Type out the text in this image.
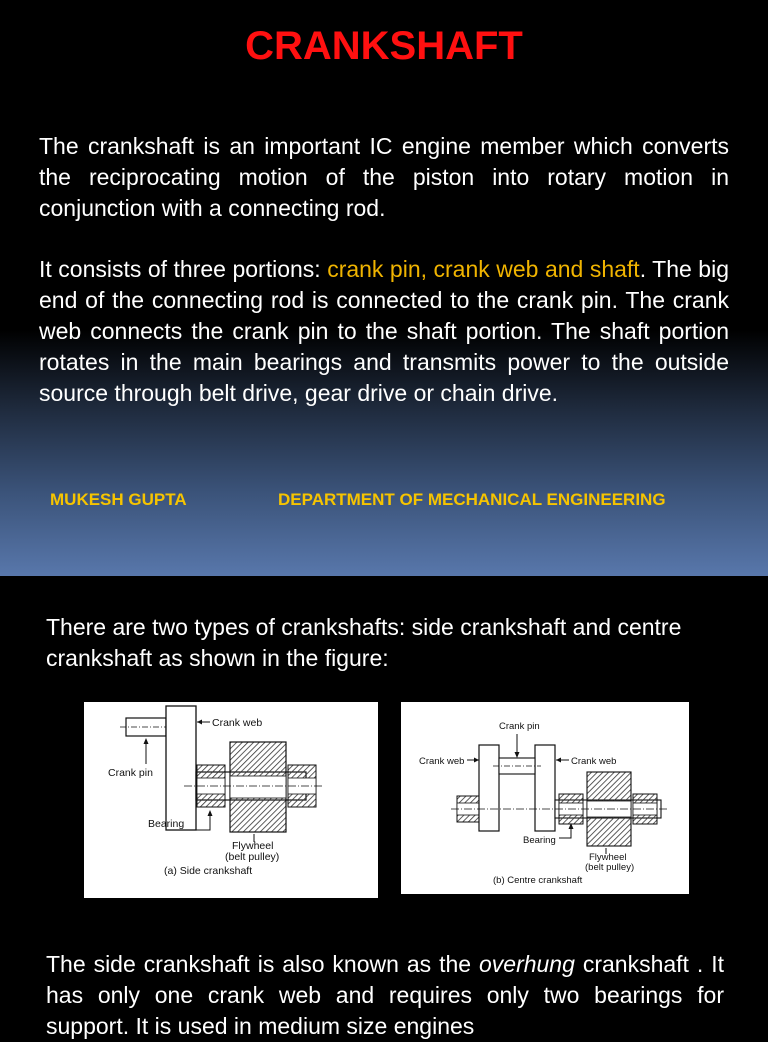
CRANKSHAFT

The crankshaft is an important IC engine member which converts the reciprocating motion of the piston into rotary motion in conjunction with a connecting rod.

It consists of three portions: crank pin, crank web and shaft. The big end of the connecting rod is connected to the crank pin. The crank web connects the crank pin to the shaft portion. The shaft portion rotates in the main bearings and transmits power to the outside source through belt drive, gear drive or chain drive.

MUKESH GUPTA	DEPARTMENT OF MECHANICAL ENGINEERING

There are two types of crankshafts: side crankshaft and centre crankshaft as shown in the figure:

Crank web
Crank pin
Bearing
Flywheel
(belt pulley)
(a) Side crankshaft
Crank pin
Crank web	Crank web
Bearing
Flywheel
(belt pulley)
(b) Centre crankshaft

The side crankshaft is also known as the overhung crankshaft . It has only one crank web and requires only two bearings for support. It is used in medium size engines
